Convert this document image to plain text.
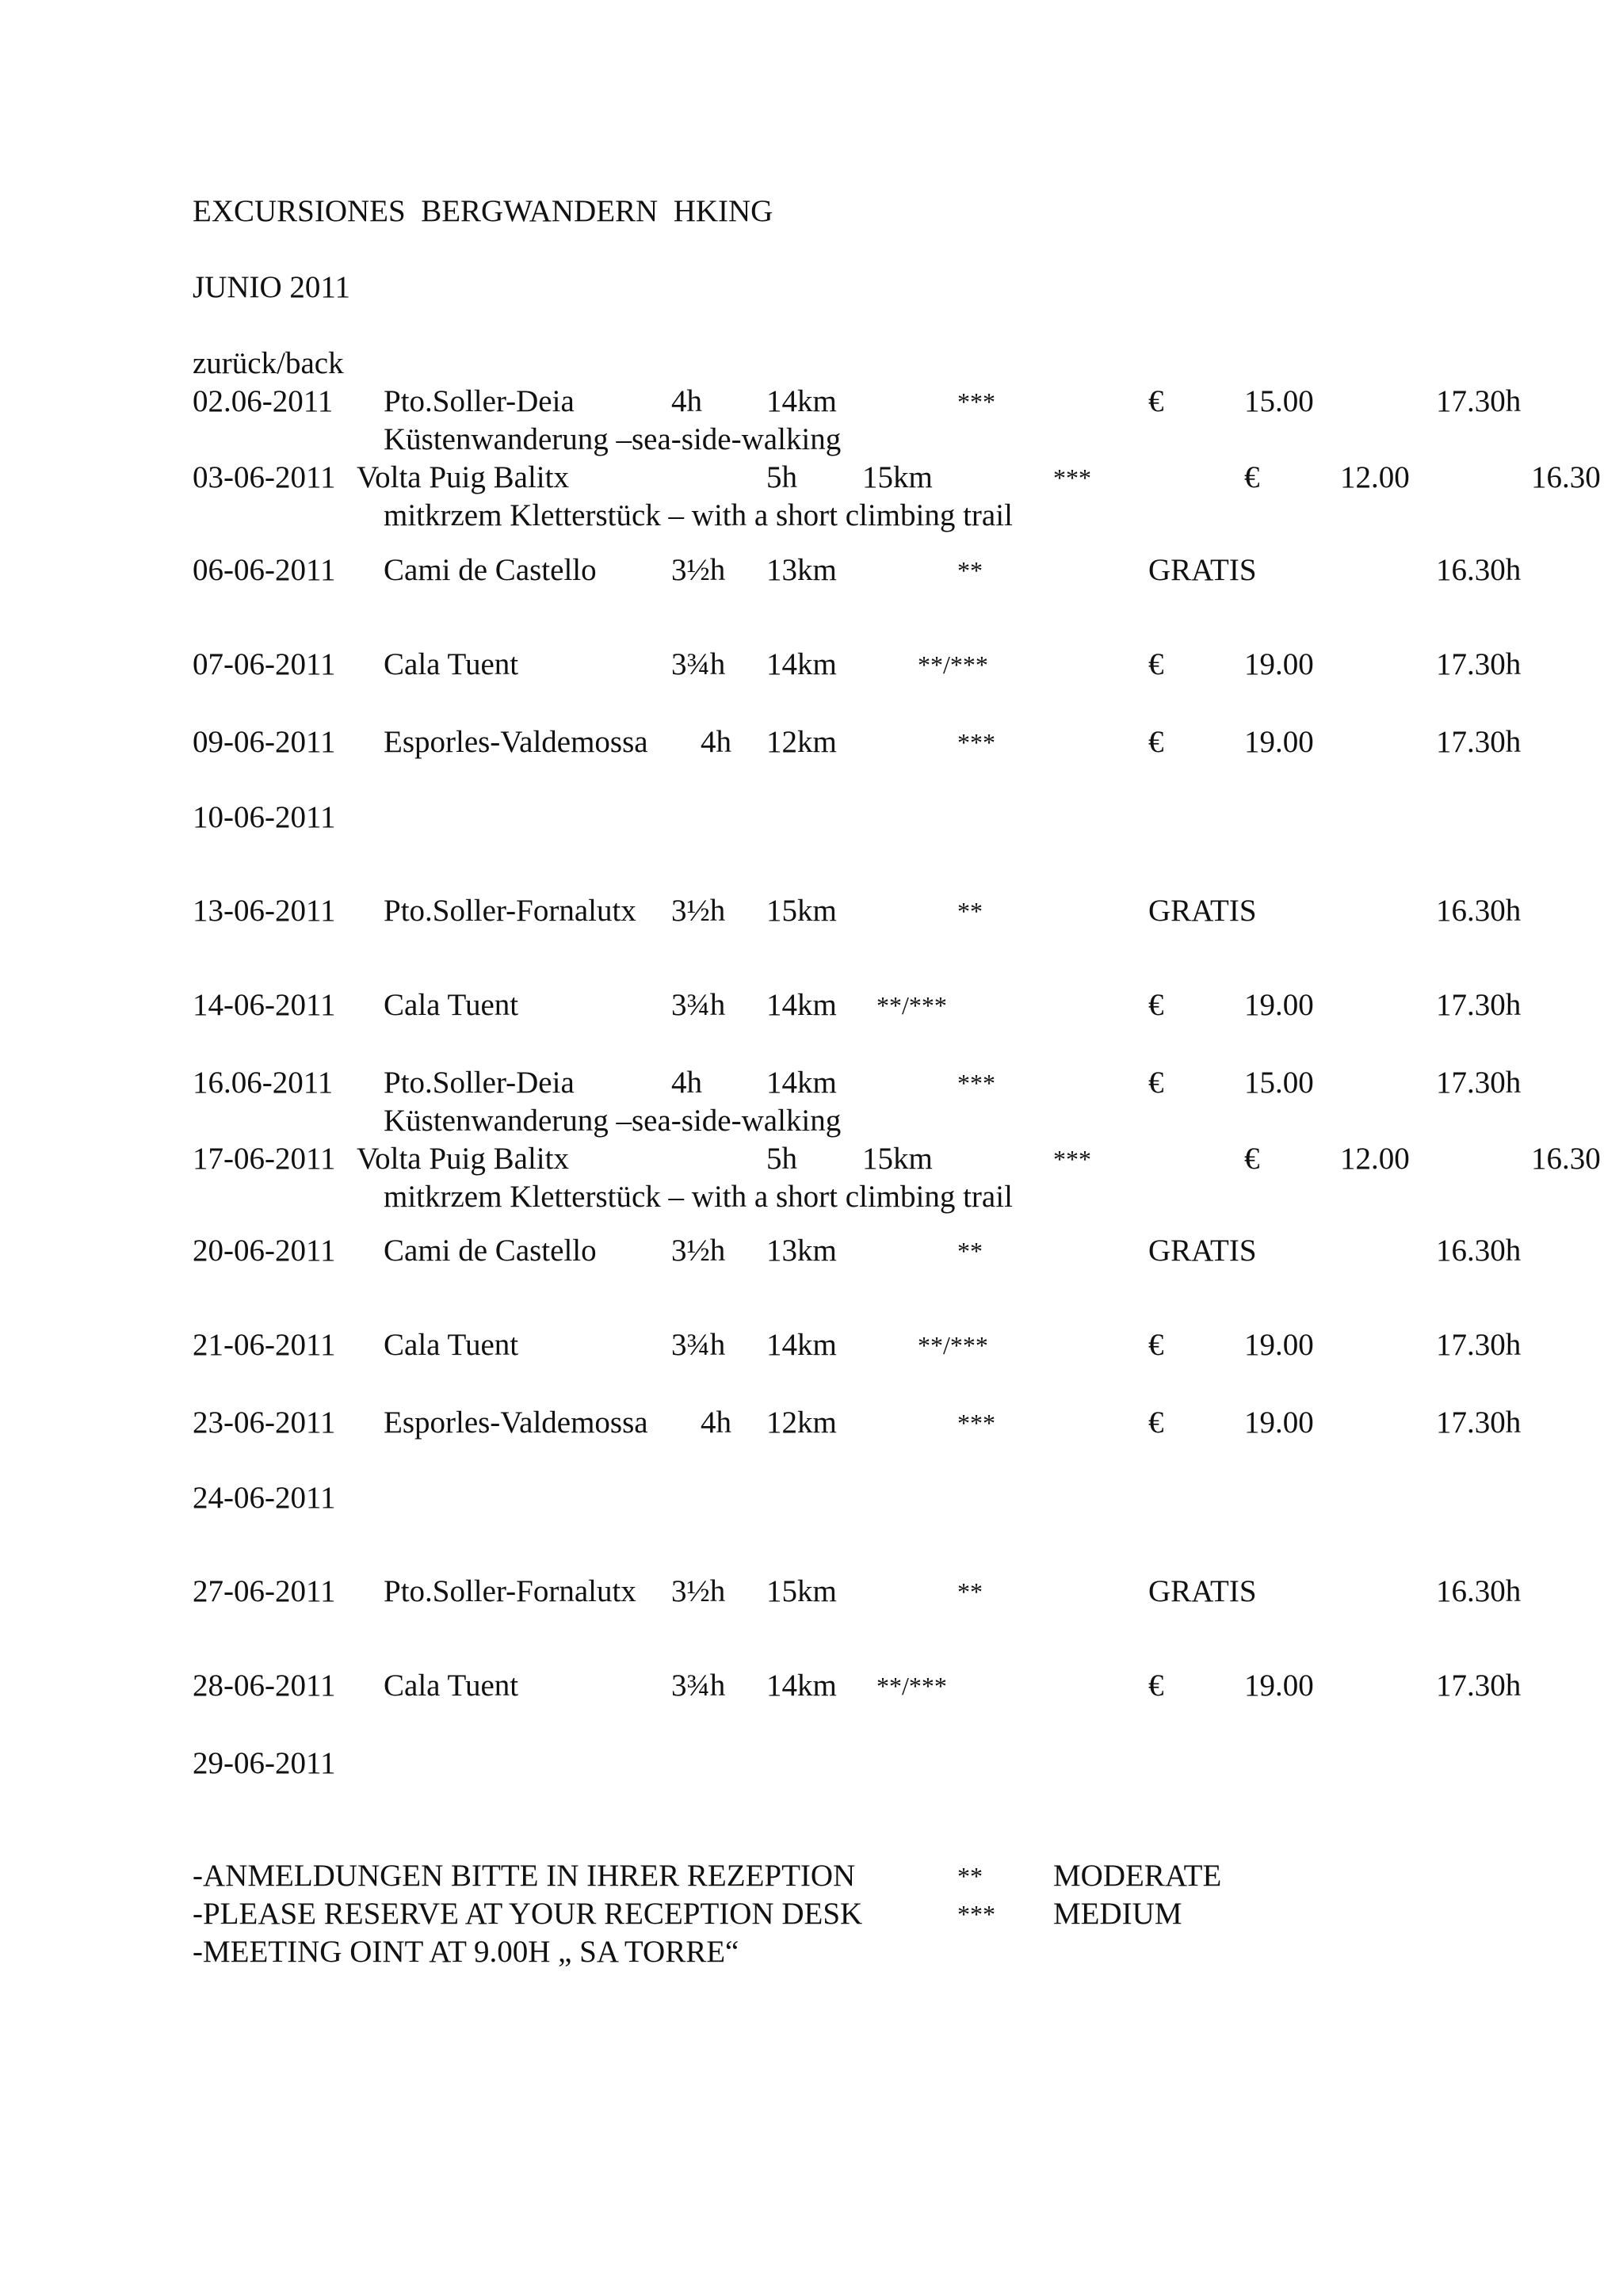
EXCURSIONES  BERGWANDERN  HKING

JUNIO 2011

zurück/back

02.06-2011 Pto.Soller-Deia	4h 14km	***	€	15.00	17.30h

Küstenwanderung –sea-side-walking

03-06-2011 Volta Puig Balitx	5h 15km	***	€	12.00	16.30

mitkrzem Kletterstück – with a short climbing trail

06-06-2011 Cami de Castello 3½h 13km	**	GRATIS	16.30h

07-06-2011 Cala Tuent	3¾h 14km	**/***	€	19.00	17.30h

09-06-2011 Esporles-Valdemossa 4h 12km	***	€	19.00	17.30h

10-06-2011

13-06-2011 Pto.Soller-Fornalutx 3½h 15km	**	GRATIS	16.30h

14-06-2011 Cala Tuent	3¾h 14km **/***	€	19.00	17.30h

16.06-2011 Pto.Soller-Deia	4h 14km	***	€	15.00	17.30h

Küstenwanderung –sea-side-walking

17-06-2011 Volta Puig Balitx	5h 15km	***	€	12.00	16.30

mitkrzem Kletterstück – with a short climbing trail

20-06-2011 Cami de Castello 3½h 13km	**	GRATIS	16.30h

21-06-2011 Cala Tuent	3¾h 14km	**/***	€	19.00	17.30h

23-06-2011 Esporles-Valdemossa 4h 12km	***	€	19.00	17.30h

24-06-2011

27-06-2011 Pto.Soller-Fornalutx 3½h 15km	**	GRATIS	16.30h

28-06-2011 Cala Tuent	3¾h 14km **/***	€	19.00	17.30h

29-06-2011

-ANMELDUNGEN BITTE IN IHRER REZEPTION

-PLEASE RESERVE AT YOUR RECEPTION DESK

-MEETING OINT AT 9.00H „ SA TORRE“

** MODERATE

*** MEDIUM
